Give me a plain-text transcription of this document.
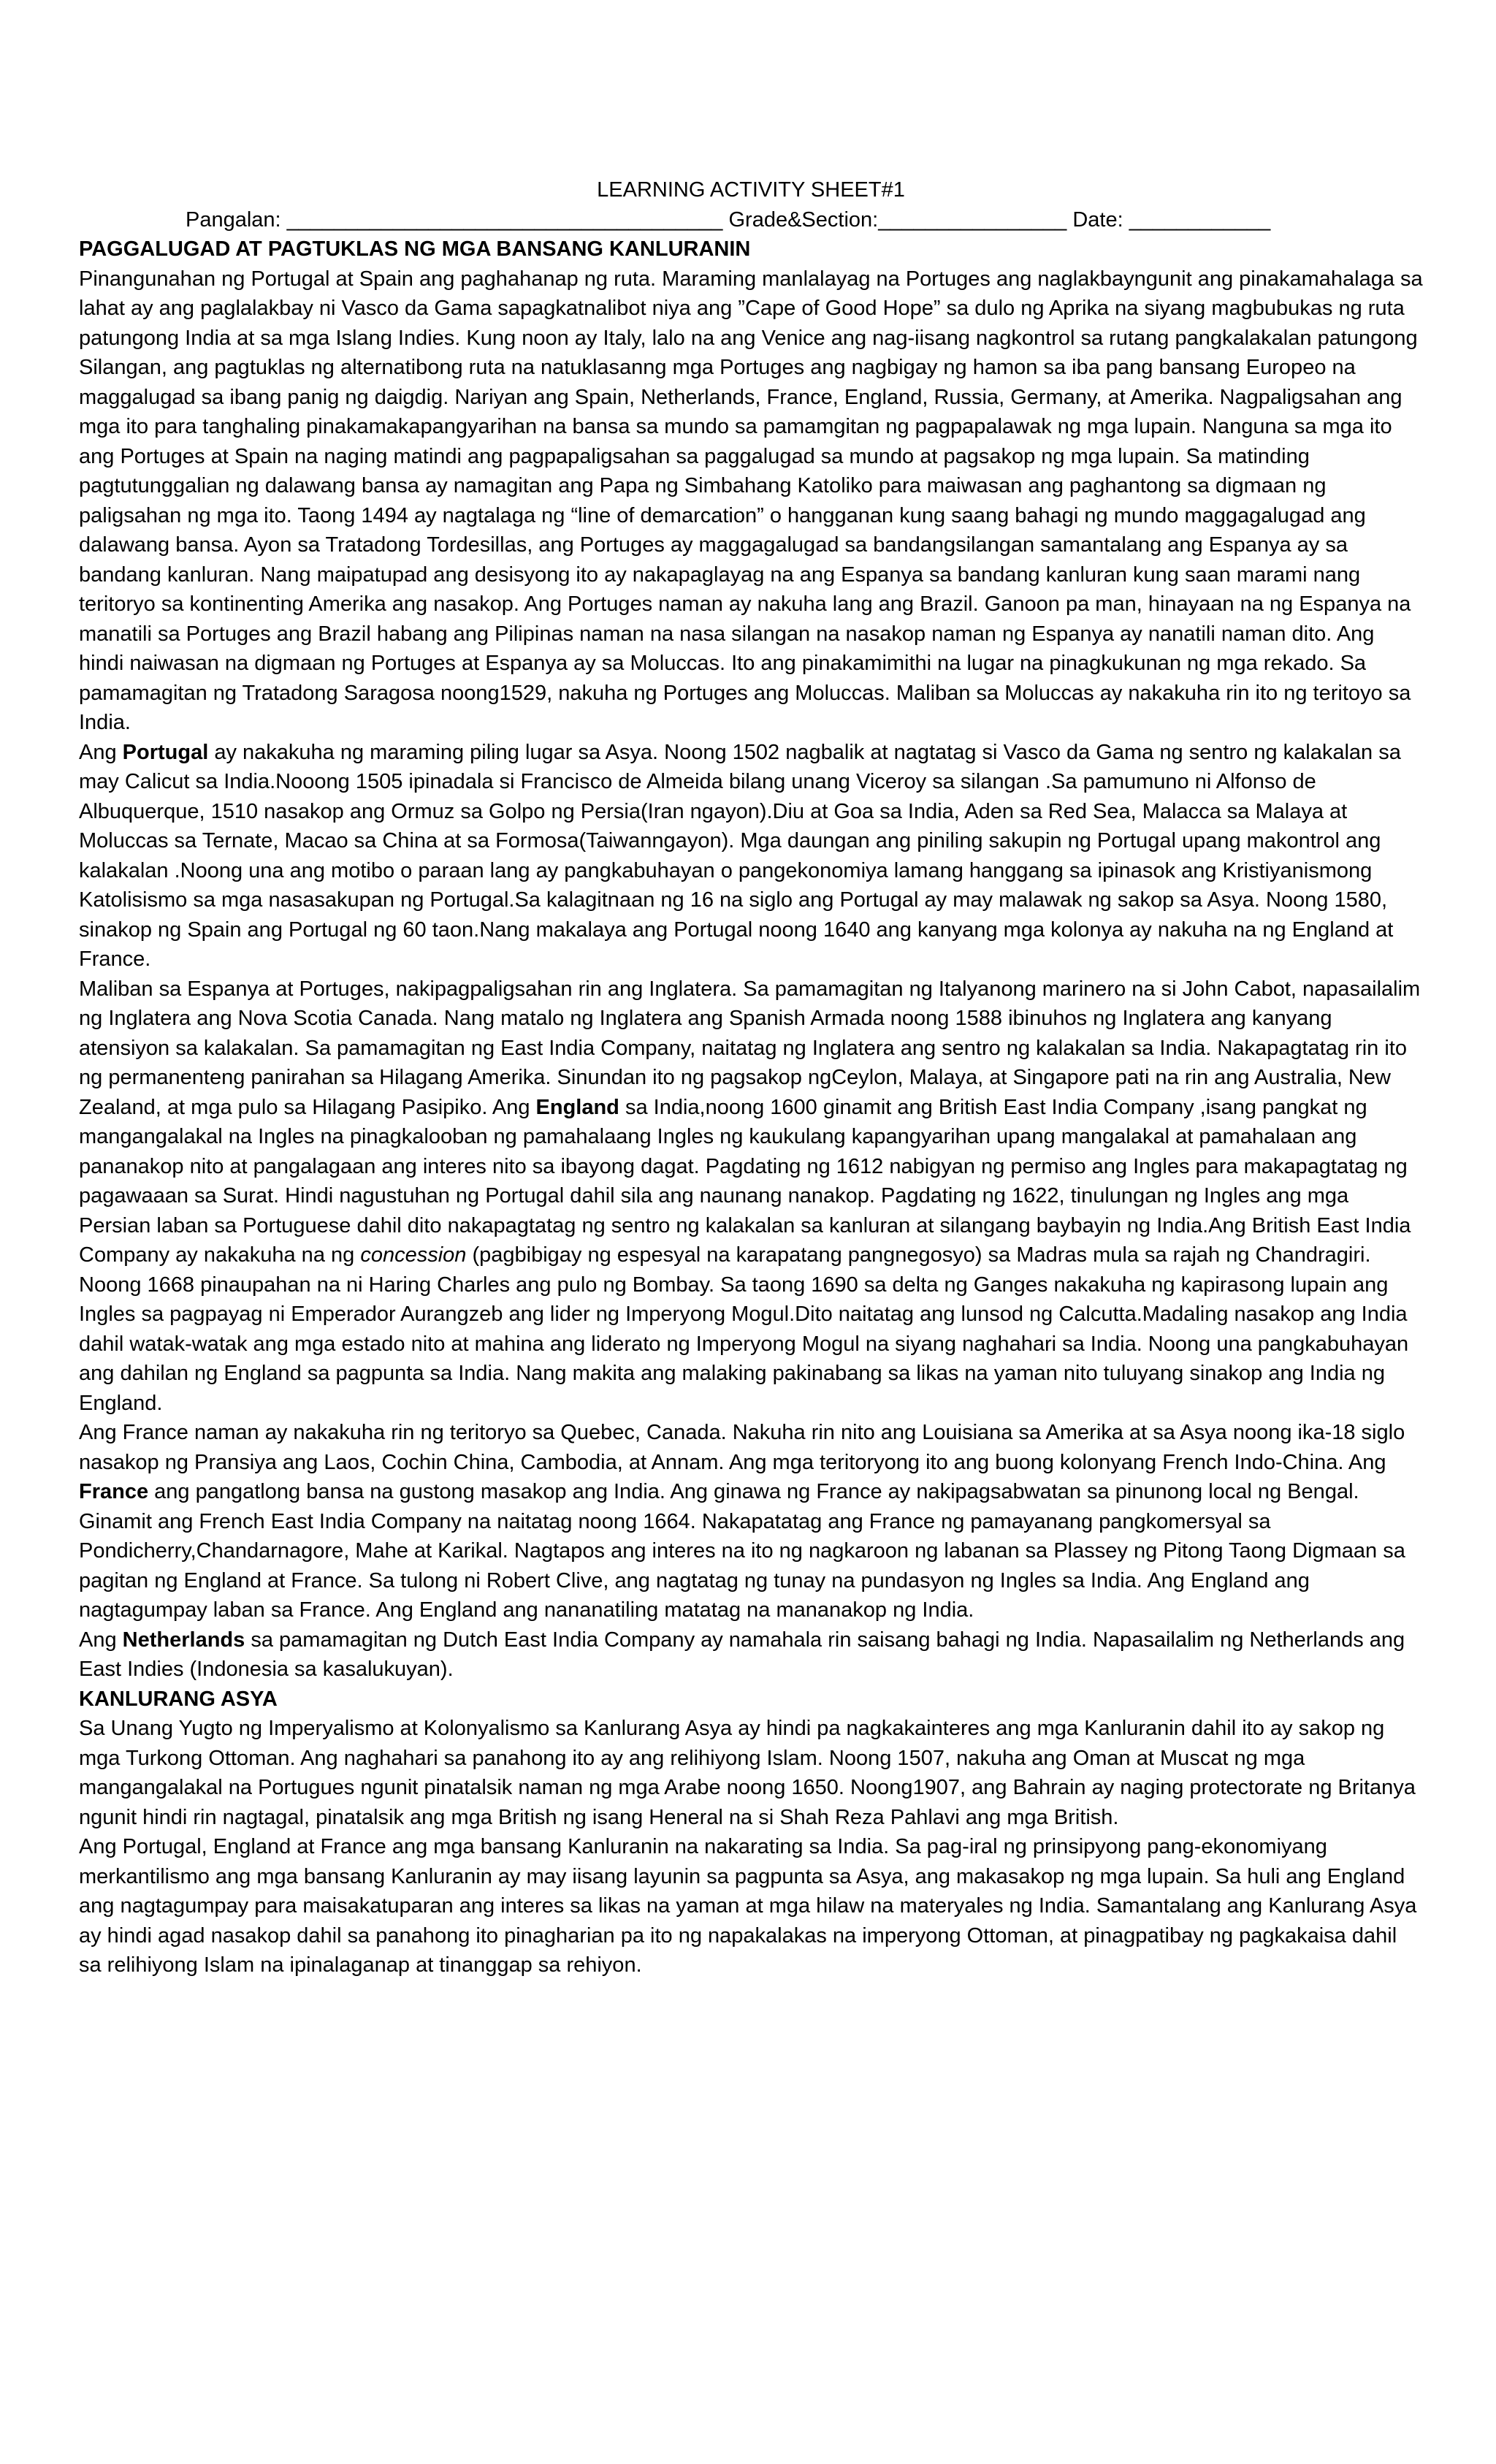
LEARNING ACTIVITY SHEET#1

Pangalan: _____________________________________ Grade&Section: ________________ Date: ____________

PAGGALUGAD AT PAGTUKLAS NG MGA BANSANG KANLURANIN

Pinangunahan ng Portugal at Spain ang paghahanap ng ruta. Maraming manlalayag na Portuges ang naglakbayngunit ang pinakamahalaga sa lahat ay ang paglalakbay ni Vasco da Gama sapagkatnalibot niya ang ”Cape of Good Hope” sa dulo ng Aprika na siyang magbubukas ng ruta patungong India at sa mga Islang Indies. Kung noon ay Italy, lalo na ang Venice ang nag-iisang nagkontrol sa rutang pangkalakalan patungong Silangan, ang pagtuklas ng alternatibong ruta na natuklasanng mga Portuges ang nagbigay ng hamon sa iba pang bansang Europeo na maggalugad sa ibang panig ng daigdig. Nariyan ang Spain, Netherlands, France, England, Russia, Germany, at Amerika. Nagpaligsahan ang mga ito para tanghaling pinakamakapangyarihan na bansa sa mundo sa pamamgitan ng pagpapalawak ng mga lupain. Nanguna sa mga ito ang Portuges at Spain na naging matindi ang pagpapaligsahan sa paggalugad sa mundo at pagsakop ng mga lupain. Sa matinding pagtutunggalian ng dalawang bansa ay namagitan ang Papa ng Simbahang Katoliko para maiwasan ang paghantong sa digmaan ng paligsahan ng mga ito. Taong 1494 ay nagtalaga ng “line of demarcation” o hangganan kung saang bahagi ng mundo maggagalugad ang dalawang bansa. Ayon sa Tratadong Tordesillas, ang Portuges ay maggagalugad sa bandangsilangan samantalang ang Espanya ay sa bandang kanluran. Nang maipatupad ang desisyong ito ay nakapaglayag na ang Espanya sa bandang kanluran kung saan marami nang teritoryo sa kontinenting Amerika ang nasakop. Ang Portuges naman ay nakuha lang ang Brazil. Ganoon pa man, hinayaan na ng Espanya na manatili sa Portuges ang Brazil habang ang Pilipinas naman na nasa silangan na nasakop naman ng Espanya ay nanatili naman dito. Ang hindi naiwasan na digmaan ng Portuges at Espanya ay sa Moluccas. Ito ang pinakamimithi na lugar na pinagkukunan ng mga rekado. Sa pamamagitan ng Tratadong Saragosa noong1529, nakuha ng Portuges ang Moluccas. Maliban sa Moluccas ay nakakuha rin ito ng teritoyo sa India.

Ang Portugal ay nakakuha ng maraming piling lugar sa Asya. Noong 1502 nagbalik at nagtatag si Vasco da Gama ng sentro ng kalakalan sa may Calicut sa India.Nooong 1505 ipinadala si Francisco de Almeida bilang unang Viceroy sa silangan .Sa pamumuno ni Alfonso de Albuquerque, 1510 nasakop ang Ormuz sa Golpo ng Persia(Iran ngayon).Diu at Goa sa India, Aden sa Red Sea, Malacca sa Malaya at Moluccas sa Ternate, Macao sa China at sa Formosa(Taiwanngayon). Mga daungan ang piniling sakupin ng Portugal upang makontrol ang kalakalan .Noong una ang motibo o paraan lang ay pangkabuhayan o pangekonomiya lamang hanggang sa ipinasok ang Kristiyanismong Katolisismo sa mga nasasakupan ng Portugal.Sa kalagitnaan ng 16 na siglo ang Portugal ay may malawak ng sakop sa Asya. Noong 1580, sinakop ng Spain ang Portugal ng 60 taon.Nang makalaya ang Portugal noong 1640 ang kanyang mga kolonya ay nakuha na ng England at France.

Maliban sa Espanya at Portuges, nakipagpaligsahan rin ang Inglatera. Sa pamamagitan ng Italyanong marinero na si John Cabot, napasailalim ng Inglatera ang Nova Scotia Canada. Nang matalo ng Inglatera ang Spanish Armada noong 1588 ibinuhos ng Inglatera ang kanyang atensiyon sa kalakalan. Sa pamamagitan ng East India Company, naitatag ng Inglatera ang sentro ng kalakalan sa India. Nakapagtatag rin ito ng permanenteng panirahan sa Hilagang Amerika. Sinundan ito ng pagsakop ngCeylon, Malaya, at Singapore pati na rin ang Australia, New Zealand, at mga pulo sa Hilagang Pasipiko. Ang England sa India,noong 1600 ginamit ang British East India Company ,isang pangkat ng mangangalakal na Ingles na pinagkalooban ng pamahalaang Ingles ng kaukulang kapangyarihan upang mangalakal at pamahalaan ang pananakop nito at pangalagaan ang interes nito sa ibayong dagat. Pagdating ng 1612 nabigyan ng permiso ang Ingles para makapagtatag ng pagawaaan sa Surat. Hindi nagustuhan ng Portugal dahil sila ang naunang nanakop. Pagdating ng 1622, tinulungan ng Ingles ang mga Persian laban sa Portuguese dahil dito nakapagtatag ng sentro ng kalakalan sa kanluran at silangang baybayin ng India.Ang British East India Company ay nakakuha na ng concession (pagbibigay ng espesyal na karapatang pangnegosyo) sa Madras mula sa rajah ng Chandragiri. Noong 1668 pinaupahan na ni Haring Charles ang pulo ng Bombay. Sa taong 1690 sa delta ng Ganges nakakuha ng kapirasong lupain ang Ingles sa pagpayag ni Emperador Aurangzeb ang lider ng Imperyong Mogul.Dito naitatag ang lunsod ng Calcutta.Madaling nasakop ang India dahil watak-watak ang mga estado nito at mahina ang liderato ng Imperyong Mogul na siyang naghahari sa India. Noong una pangkabuhayan ang dahilan ng England sa pagpunta sa India. Nang makita ang malaking pakinabang sa likas na yaman nito tuluyang sinakop ang India ng England.

Ang France naman ay nakakuha rin ng teritoryo sa Quebec, Canada. Nakuha rin nito ang Louisiana sa Amerika at sa Asya noong ika-18 siglo nasakop ng Pransiya ang Laos, Cochin China, Cambodia, at Annam. Ang mga teritoryong ito ang buong kolonyang French Indo-China. Ang France ang pangatlong bansa na gustong masakop ang India. Ang ginawa ng France ay nakipagsabwatan sa pinunong local ng Bengal. Ginamit ang French East India Company na naitatag noong 1664. Nakapatatag ang France ng pamayanang pangkomersyal sa Pondicherry,Chandarnagore, Mahe at Karikal. Nagtapos ang interes na ito ng nagkaroon ng labanan sa Plassey ng Pitong Taong Digmaan sa pagitan ng England at France. Sa tulong ni Robert Clive, ang nagtatag ng tunay na pundasyon ng Ingles sa India. Ang England ang nagtagumpay laban sa France. Ang England ang nananatiling matatag na mananakop ng India.

Ang Netherlands sa pamamagitan ng Dutch East India Company ay namahala rin saisang bahagi ng India. Napasailalim ng Netherlands ang East Indies (Indonesia sa kasalukuyan).

KANLURANG ASYA

Sa Unang Yugto ng Imperyalismo at Kolonyalismo sa Kanlurang Asya ay hindi pa nagkakainteres ang mga Kanluranin dahil ito ay sakop ng mga Turkong Ottoman. Ang naghahari sa panahong ito ay ang relihiyong Islam. Noong 1507, nakuha ang Oman at Muscat ng mga mangangalakal na Portugues ngunit pinatalsik naman ng mga Arabe noong 1650. Noong1907, ang Bahrain ay naging protectorate ng Britanya ngunit hindi rin nagtagal, pinatalsik ang mga British ng isang Heneral na si Shah Reza Pahlavi ang mga British.

Ang Portugal, England at France ang mga bansang Kanluranin na nakarating sa India. Sa pag-iral ng prinsipyong pang-ekonomiyang merkantilismo ang mga bansang Kanluranin ay may iisang layunin sa pagpunta sa Asya, ang makasakop ng mga lupain. Sa huli ang England ang nagtagumpay para maisakatuparan ang interes sa likas na yaman at mga hilaw na materyales ng India. Samantalang ang Kanlurang Asya ay hindi agad nasakop dahil sa panahong ito pinagharian pa ito ng napakalakas na imperyong Ottoman, at pinagpatibay ng pagkakaisa dahil sa relihiyong Islam na ipinalaganap at tinanggap sa rehiyon.
